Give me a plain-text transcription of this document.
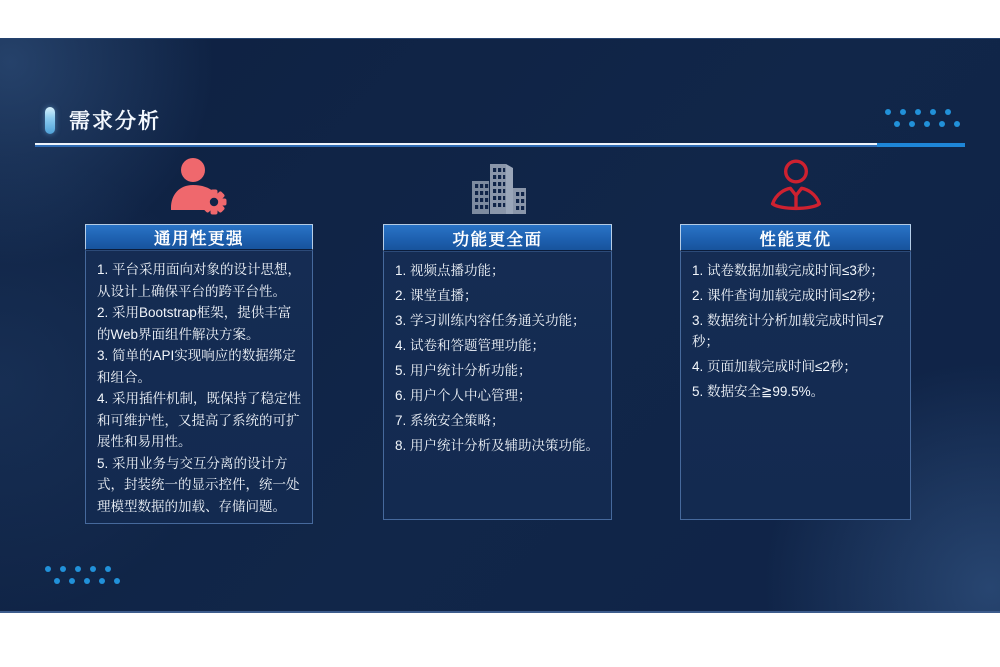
需求分析
通用性更强

1. 平台采用面向对象的设计思想，从设计上确保平台的跨平台性。

2. 采用Bootstrap框架，提供丰富的Web界面组件解决方案。

3. 简单的API实现响应的数据绑定和组合。

4. 采用插件机制，既保持了稳定性和可维护性，又提高了系统的可扩展性和易用性。

5. 采用业务与交互分离的设计方式，封装统一的显示控件，统一处理模型数据的加载、存储问题。

功能更全面

1. 视频点播功能；

2. 课堂直播；

3. 学习训练内容任务通关功能；

4. 试卷和答题管理功能；

5. 用户统计分析功能；

6. 用户个人中心管理；

7. 系统安全策略；

8. 用户统计分析及辅助决策功能。

性能更优

1. 试卷数据加载完成时间≤3秒；

2. 课件查询加载完成时间≤2秒；

3. 数据统计分析加载完成时间≤7秒；

4. 页面加载完成时间≤2秒；

5. 数据安全≧99.5%。
